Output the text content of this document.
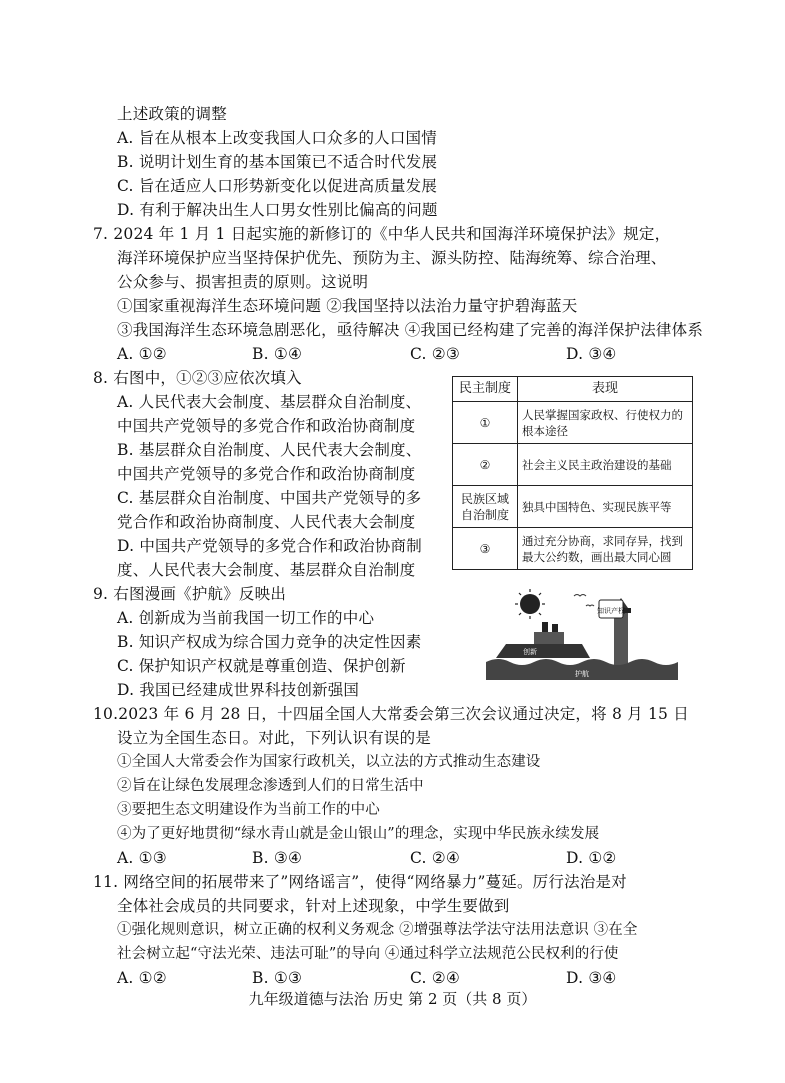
上述政策的调整
A. 旨在从根本上改变我国人口众多的人口国情
B. 说明计划生育的基本国策已不适合时代发展
C. 旨在适应人口形势新变化以促进高质量发展
D. 有利于解决出生人口男女性别比偏高的问题
7. 2024 年 1 月 1 日起实施的新修订的《中华人民共和国海洋环境保护法》规定，
海洋环境保护应当坚持保护优先、预防为主、源头防控、陆海统筹、综合治理、
公众参与、损害担责的原则。这说明
①国家重视海洋生态环境问题 ②我国坚持以法治力量守护碧海蓝天
③我国海洋生态环境急剧恶化，亟待解决 ④我国已经构建了完善的海洋保护法律体系
A. ①②	B. ①④	C. ②③	D. ③④
8. 右图中，①②③应依次填入
A. 人民代表大会制度、基层群众自治制度、
中国共产党领导的多党合作和政治协商制度
B. 基层群众自治制度、人民代表大会制度、
中国共产党领导的多党合作和政治协商制度
C. 基层群众自治制度、中国共产党领导的多
党合作和政治协商制度、人民代表大会制度
D. 中国共产党领导的多党合作和政治协商制
度、人民代表大会制度、基层群众自治制度
民主制度	表现
①	人民掌握国家政权、行使权力的根本途径
②	社会主义民主政治建设的基础
民族区域自治制度	独具中国特色、实现民族平等
③	通过充分协商，求同存异，找到最大公约数，画出最大同心圆
9. 右图漫画《护航》反映出
A. 创新成为当前我国一切工作的中心
B. 知识产权成为综合国力竞争的决定性因素
C. 保护知识产权就是尊重创造、保护创新
D. 我国已经建成世界科技创新强国
知识产权
创新
护航
10.2023 年 6 月 28 日，十四届全国人大常委会第三次会议通过决定，将 8 月 15 日
设立为全国生态日。对此，下列认识有误的是
①全国人大常委会作为国家行政机关，以立法的方式推动生态建设
②旨在让绿色发展理念渗透到人们的日常生活中
③要把生态文明建设作为当前工作的中心
④为了更好地贯彻“绿水青山就是金山银山”的理念，实现中华民族永续发展
A. ①③	B. ③④	C. ②④	D. ①②
11. 网络空间的拓展带来了”网络谣言”，使得“网络暴力”蔓延。厉行法治是对
全体社会成员的共同要求，针对上述现象，中学生要做到
①强化规则意识，树立正确的权利义务观念 ②增强尊法学法守法用法意识 ③在全
社会树立起“守法光荣、违法可耻”的导向 ④通过科学立法规范公民权利的行使
A. ①②	B. ①③	C. ②④	D. ③④
九年级道德与法治 历史 第 2 页（共 8 页）
